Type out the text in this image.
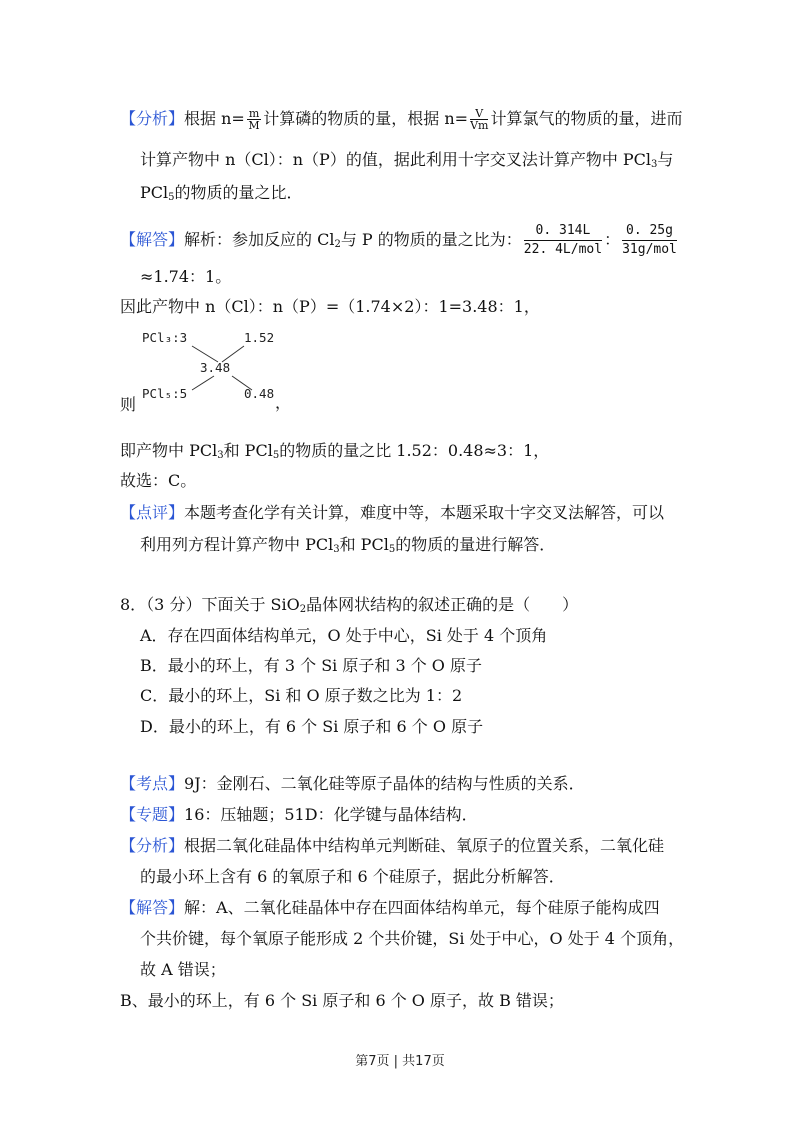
【分析】根据 $n= \frac{m}{M}$ 计算磷的物质的量，根据 $n= \frac{V}{Vm}$ 计算氯气的物质的量，进而
计算产物中 n（Cl）：n（P）的值，据此利用十字交叉法计算产物中 PCl$_3$与
PCl$_5$的物质的量之比．
【解答】解析：参加反应的 $Cl_2$与 P 的物质的量之比为： $\frac{0. 314L}{\text{22. 4L/mol}}$ ： $\frac{0. 25g}{\text{31g/mol}}$
≈1.74：1。
因此产物中 n（Cl）：n（P）=（1.74×2）：1=3.48：1，
PCl₃:3	1.52
3.48
PCl₅:5	0.48
则	，
即产物中 PCl$_3$和 PCl$_5$的物质的量之比 1.52：0.48≈3：1，
故选：C。
【点评】本题考查化学有关计算，难度中等，本题采取十字交叉法解答，可以
利用列方程计算产物中 PCl$_3$和 PCl$_5$的物质的量进行解答．
8．（3 分）下面关于 SiO$_2$晶体网状结构的叙述正确的是（　　）
A．存在四面体结构单元，O 处于中心，Si 处于 4 个顶角
B．最小的环上，有 3 个 Si 原子和 3 个 O 原子
C．最小的环上，Si 和 O 原子数之比为 1：2
D．最小的环上，有 6 个 Si 原子和 6 个 O 原子
【考点】9J：金刚石、二氧化硅等原子晶体的结构与性质的关系．
【专题】16：压轴题；51D：化学键与晶体结构．
【分析】根据二氧化硅晶体中结构单元判断硅、氧原子的位置关系，二氧化硅
的最小环上含有 6 的氧原子和 6 个硅原子，据此分析解答．
【解答】解：A、二氧化硅晶体中存在四面体结构单元，每个硅原子能构成四
个共价键，每个氧原子能形成 2 个共价键，Si 处于中心，O 处于 4 个顶角，
故 A 错误；
B、最小的环上，有 6 个 Si 原子和 6 个 O 原子，故 B 错误；
第7页 | 共17页
